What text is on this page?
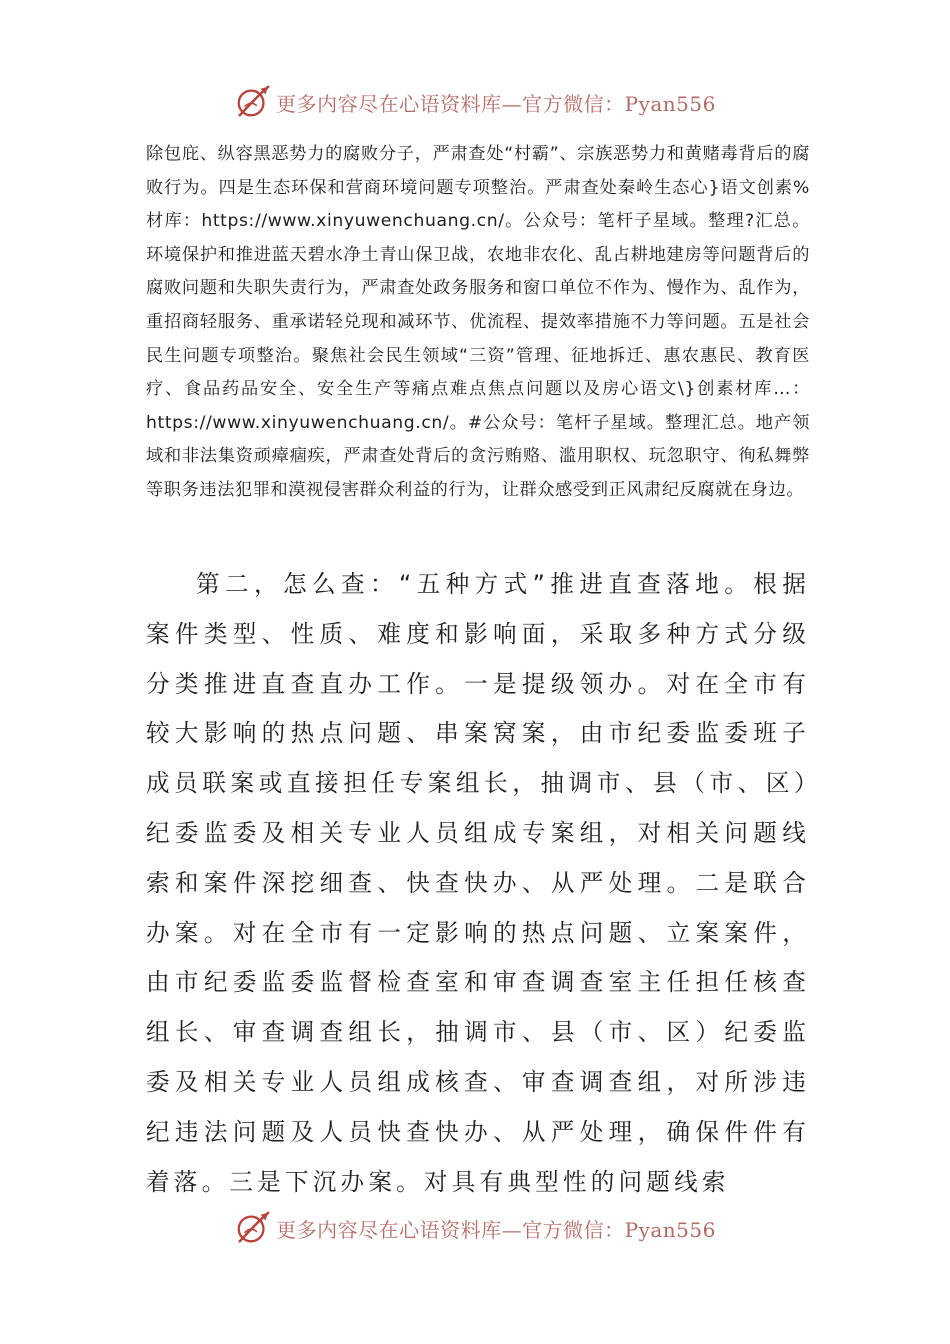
更多内容尽在心语资料库—官方微信：Pyan556

除包庇、纵容黑恶势力的腐败分子，严肃查处“村霸”、宗族恶势力和黄赌毒背后的腐败行为。四是生态环保和营商环境问题专项整治。严肃查处秦岭生态心}语文创素%材库：https://www.xinyuwenchuang.cn/。公众号：笔杆子星域。整理?汇总。环境保护和推进蓝天碧水净土青山保卫战，农地非农化、乱占耕地建房等问题背后的腐败问题和失职失责行为，严肃查处政务服务和窗口单位不作为、慢作为、乱作为，重招商轻服务、重承诺轻兑现和减环节、优流程、提效率措施不力等问题。五是社会民生问题专项整治。聚焦社会民生领域“三资”管理、征地拆迁、惠农惠民、教育医疗、食品药品安全、安全生产等痛点难点焦点问题以及房心语文\}创素材库…：https://www.xinyuwenchuang.cn/。#公众号：笔杆子星域。整理汇总。地产领域和非法集资顽瘴痼疾，严肃查处背后的贪污贿赂、滥用职权、玩忽职守、徇私舞弊等职务违法犯罪和漠视侵害群众利益的行为，让群众感受到正风肃纪反腐就在身边。

第二，怎么查：“五种方式”推进直查落地。根据案件类型、性质、难度和影响面，采取多种方式分级分类推进直查直办工作。一是提级领办。对在全市有较大影响的热点问题、串案窝案，由市纪委监委班子成员联案或直接担任专案组长，抽调市、县（市、区）纪委监委及相关专业人员组成专案组，对相关问题线索和案件深挖细查、快查快办、从严处理。二是联合办案。对在全市有一定影响的热点问题、立案案件，由市纪委监委监督检查室和审查调查室主任担任核查组长、审查调查组长，抽调市、县（市、区）纪委监委及相关专业人员组成核查、审查调查组，对所涉违纪违法问题及人员快查快办、从严处理，确保件件有着落。三是下沉办案。对具有典型性的问题线索

更多内容尽在心语资料库—官方微信：Pyan556
